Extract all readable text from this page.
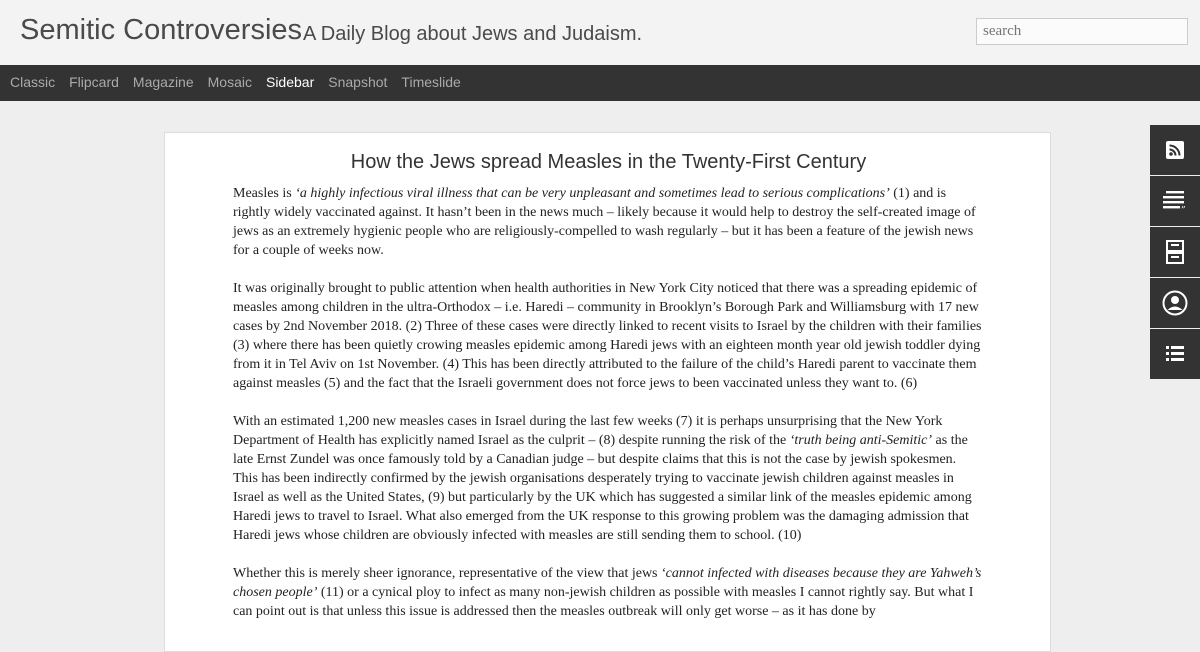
Semitic Controversies A Daily Blog about Jews and Judaism.
search
Classic Flipcard Magazine Mosaic Sidebar Snapshot Timeslide
How the Jews spread Measles in the Twenty-First Century

Measles is ‘a highly infectious viral illness that can be very unpleasant and sometimes lead to serious complications’ (1) and is rightly widely vaccinated against. It hasn’t been in the news much – likely because it would help to destroy the self-created image of jews as an extremely hygienic people who are religiously-compelled to wash regularly – but it has been a feature of the jewish news for a couple of weeks now.

It was originally brought to public attention when health authorities in New York City noticed that there was a spreading epidemic of measles among children in the ultra-Orthodox – i.e. Haredi – community in Brooklyn’s Borough Park and Williamsburg with 17 new cases by 2nd November 2018. (2) Three of these cases were directly linked to recent visits to Israel by the children with their families (3) where there has been quietly crowing measles epidemic among Haredi jews with an eighteen month year old jewish toddler dying from it in Tel Aviv on 1st November. (4) This has been directly attributed to the failure of the child’s Haredi parent to vaccinate them against measles (5) and the fact that the Israeli government does not force jews to been vaccinated unless they want to. (6)

With an estimated 1,200 new measles cases in Israel during the last few weeks (7) it is perhaps unsurprising that the New York Department of Health has explicitly named Israel as the culprit – (8) despite running the risk of the ‘truth being anti-Semitic’ as the late Ernst Zundel was once famously told by a Canadian judge – but despite claims that this is not the case by jewish spokesmen. This has been indirectly confirmed by the jewish organisations desperately trying to vaccinate jewish children against measles in Israel as well as the United States, (9) but particularly by the UK which has suggested a similar link of the measles epidemic among Haredi jews to travel to Israel. What also emerged from the UK response to this growing problem was the damaging admission that Haredi jews whose children are obviously infected with measles are still sending them to school. (10)

Whether this is merely sheer ignorance, representative of the view that jews ‘cannot infected with diseases because they are Yahweh’s chosen people’ (11) or a cynical ploy to infect as many non-jewish children as possible with measles I cannot rightly say. But what I can point out is that unless this issue is addressed then the measles outbreak will only get worse – as it has done by

”
